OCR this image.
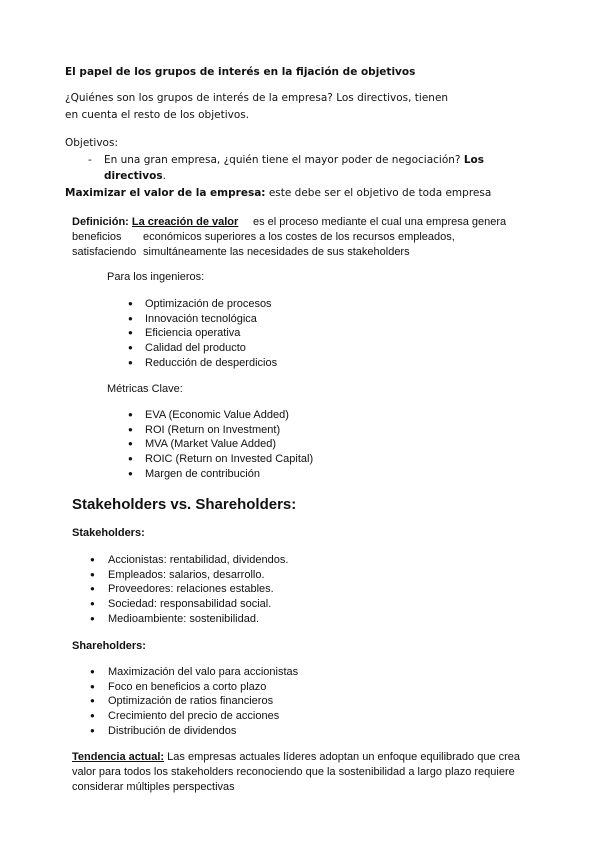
El papel de los grupos de interés en la fijación de objetivos
¿Quiénes son los grupos de interés de la empresa? Los directivos, tienen
en cuenta el resto de los objetivos.
Objetivos:
- En una gran empresa, ¿quién tiene el mayor poder de negociación? Los
directivos.
Maximizar el valor de la empresa: este debe ser el objetivo de toda empresa
Definición: La creación de valor es el proceso mediante el cual una empresa genera
beneficios económicos superiores a los costes de los recursos empleados,
satisfaciendo simultáneamente las necesidades de sus stakeholders
Para los ingenieros:
● Optimización de procesos
● Innovación tecnológica
● Eficiencia operativa
● Calidad del producto
● Reducción de desperdicios
Métricas Clave:
● EVA (Economic Value Added)
● ROI (Return on Investment)
● MVA (Market Value Added)
● ROIC (Return on Invested Capital)
● Margen de contribución
Stakeholders vs. Shareholders:
Stakeholders:
● Accionistas: rentabilidad, dividendos.
● Empleados: salarios, desarrollo.
● Proveedores: relaciones estables.
● Sociedad: responsabilidad social.
● Medioambiente: sostenibilidad.
Shareholders:
● Maximización del valo para accionistas
● Foco en beneficios a corto plazo
● Optimización de ratios financieros
● Crecimiento del precio de acciones
● Distribución de dividendos
Tendencia actual: Las empresas actuales líderes adoptan un enfoque equilibrado que crea
valor para todos los stakeholders reconociendo que la sostenibilidad a largo plazo requiere
considerar múltiples perspectivas
